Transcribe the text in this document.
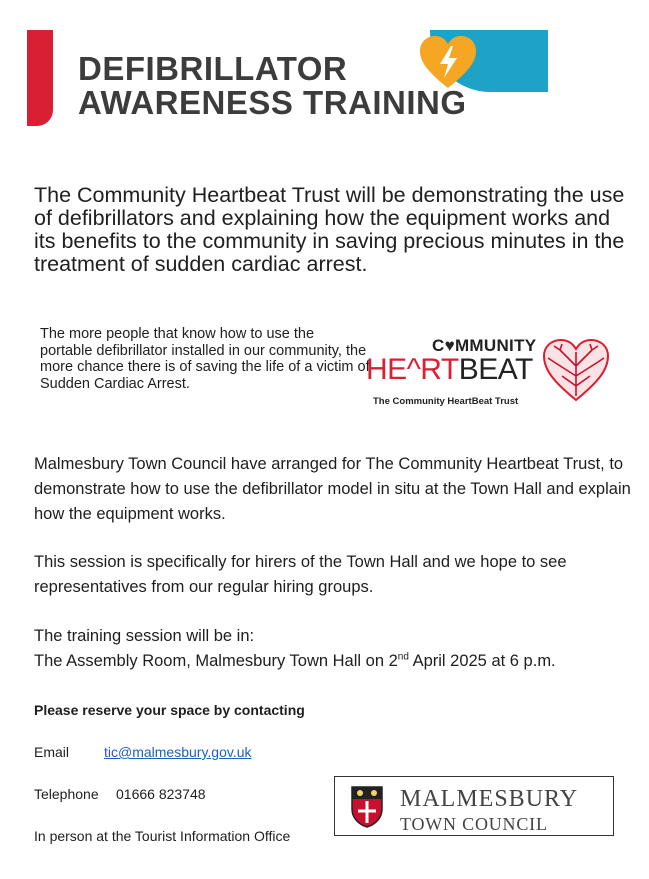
DEFIBRILLATOR
AWARENESS TRAINING
The Community Heartbeat Trust will be demonstrating the use of defibrillators and explaining how the equipment works and its benefits to the community in saving precious minutes in the treatment of sudden cardiac arrest.
The more people that know how to use the portable defibrillator installed in our community, the more chance there is of saving the life of a victim of Sudden Cardiac Arrest.
C♥MMUNITY
HE^RTBEAT
The Community HeartBeat Trust
Malmesbury Town Council have arranged for The Community Heartbeat Trust, to demonstrate how to use the defibrillator model in situ at the Town Hall and explain how the equipment works.
This session is specifically for hirers of the Town Hall and we hope to see representatives from our regular hiring groups.
The training session will be in:
The Assembly Room, Malmesbury Town Hall on 2nd April 2025 at 6 p.m.
Please reserve your space by contacting
Email tic@malmesbury.gov.uk
Telephone 01666 823748
In person at the Tourist Information Office
MALMESBURY
TOWN COUNCIL
